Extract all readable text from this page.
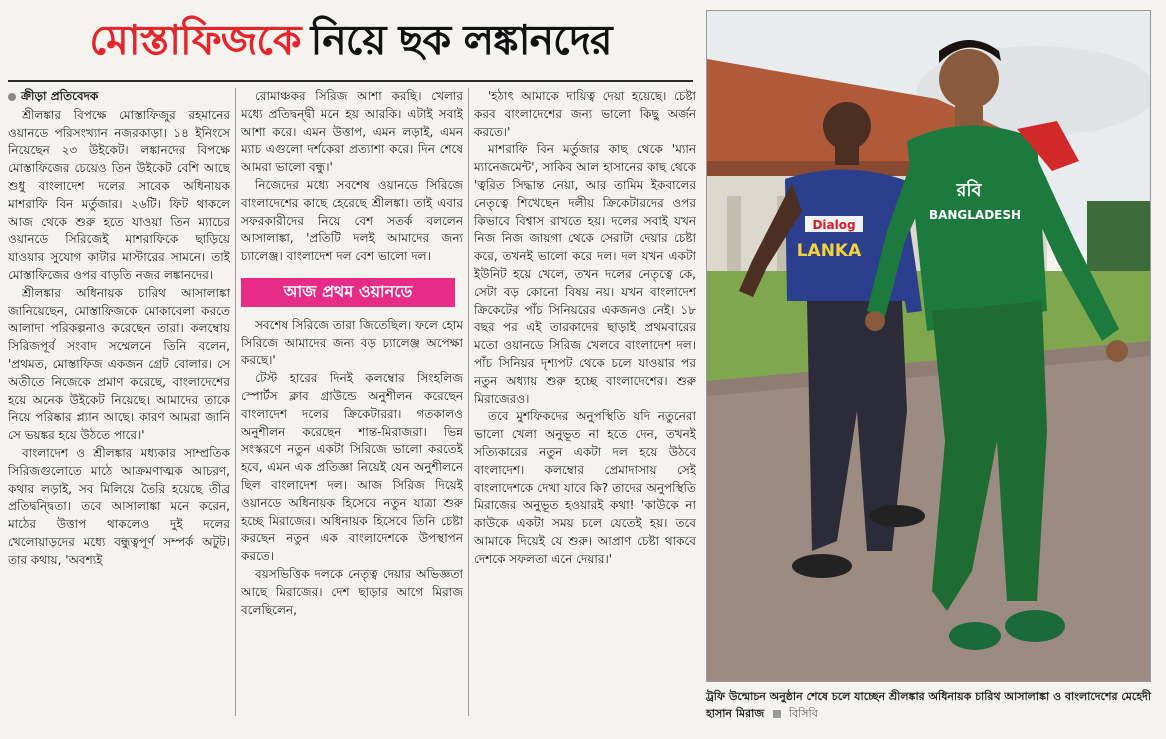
মোস্তাফিজকে নিয়ে ছক লঙ্কানদের
ক্রীড়া প্রতিবেদক

শ্রীলঙ্কার বিপক্ষে মোস্তাফিজুর রহমানের ওয়ানডে পরিসংখ্যান নজরকাড়া। ১৪ ইনিংসে নিয়েছেন ২৩ উইকেট। লঙ্কানদের বিপক্ষে মোস্তাফিজের চেয়েও তিন উইকেট বেশি আছে শুধু বাংলাদেশ দলের সাবেক অধিনায়ক মাশরাফি বিন মর্তুজার। ২৬টি। ফিট থাকলে আজ থেকে শুরু হতে যাওয়া তিন ম্যাচের ওয়ানডে সিরিজেই মাশরাফিকে ছাড়িয়ে যাওয়ার সুযোগ কাটার মাস্টারের সামনে। তাই মোস্তাফিজের ওপর বাড়তি নজর লঙ্কানদের।

শ্রীলঙ্কার অধিনায়ক চারিথ আসালাঙ্কা জানিয়েছেন, মোস্তাফিজকে মোকাবেলা করতে আলাদা পরিকল্পনাও করেছেন তারা। কলম্বোয় সিরিজপূর্ব সংবাদ সম্মেলনে তিনি বলেন, 'প্রথমত, মোস্তাফিজ একজন গ্রেট বোলার। সে অতীতে নিজেকে প্রমাণ করেছে, বাংলাদেশের হয়ে অনেক উইকেট নিয়েছে। আমাদের তাকে নিয়ে পরিষ্কার প্ল্যান আছে। কারণ আমরা জানি সে ভয়ঙ্কর হয়ে উঠতে পারে।'

বাংলাদেশ ও শ্রীলঙ্কার মধ্যকার সাম্প্রতিক সিরিজগুলোতে মাঠে আক্রমণাত্মক আচরণ, কথার লড়াই, সব মিলিয়ে তৈরি হয়েছে তীব্র প্রতিদ্বন্দ্বিতা। তবে আসালাঙ্কা মনে করেন, মাঠের উত্তাপ থাকলেও দুই দলের খেলোয়াড়দের মধ্যে বন্ধুত্বপূর্ণ সম্পর্ক অটুট। তার কথায়, 'অবশ্যই

রোমাঞ্চকর সিরিজ আশা করছি। খেলার মধ্যে প্রতিদ্বন্দ্বী মনে হয় আরকি। এটাই সবাই আশা করে। এমন উত্তাপ, এমন লড়াই, এমন ম্যাচ এগুলো দর্শকেরা প্রত্যাশা করে। দিন শেষে আমরা ভালো বন্ধু।'

নিজেদের মধ্যে সবশেষ ওয়ানডে সিরিজে বাংলাদেশের কাছে হেরেছে শ্রীলঙ্কা। তাই এবার সফরকারীদের নিয়ে বেশ সতর্ক বললেন আসালাঙ্কা, 'প্রতিটি দলই আমাদের জন্য চ্যালেঞ্জ। বাংলাদেশ দল বেশ ভালো দল।

আজ প্রথম ওয়ানডে

সবশেষ সিরিজে তারা জিতেছিল। ফলে হোম সিরিজে আমাদের জন্য বড় চ্যালেঞ্জ অপেক্ষা করছে।'

টেস্ট হারের দিনই কলম্বোর সিংহলিজ স্পোর্টস ক্লাব গ্রাউন্ডে অনুশীলন করেছেন বাংলাদেশ দলের ক্রিকেটাররা। গতকালও অনুশীলন করেছেন শান্ত-মিরাজরা। ভিন্ন সংস্করণে নতুন একটা সিরিজে ভালো করতেই হবে, এমন এক প্রতিজ্ঞা নিয়েই যেন অনুশীলনে ছিল বাংলাদেশ দল। আজ সিরিজ দিয়েই ওয়ানডে অধিনায়ক হিসেবে নতুন যাত্রা শুরু হচ্ছে মিরাজের। অধিনায়ক হিসেবে তিনি চেষ্টা করছেন নতুন এক বাংলাদেশকে উপস্থাপন করতে।

বয়সভিত্তিক দলকে নেতৃত্ব দেয়ার অভিজ্ঞতা আছে মিরাজের। দেশ ছাড়ার আগে মিরাজ বলেছিলেন,

'হঠাৎ আমাকে দায়িত্ব দেয়া হয়েছে। চেষ্টা করব বাংলাদেশের জন্য ভালো কিছু অর্জন করতে।'

মাশরাফি বিন মর্তুজার কাছ থেকে 'ম্যান ম্যানেজমেন্ট', সাকিব আল হাসানের কাছ থেকে 'ত্বরিত সিদ্ধান্ত নেয়া, আর তামিম ইকবালের নেতৃত্বে শিখেছেন দলীয় ক্রিকেটারদের ওপর কিভাবে বিশ্বাস রাখতে হয়। দলের সবাই যখন নিজ নিজ জায়গা থেকে সেরাটা দেয়ার চেষ্টা করে, তখনই ভালো করে দল। দল যখন একটা ইউনিট হয়ে খেলে, তখন দলের নেতৃত্বে কে, সেটা বড় কোনো বিষয় নয়। যখন বাংলাদেশ ক্রিকেটের পাঁচ সিনিয়রের একজনও নেই। ১৮ বছর পর এই তারকাদের ছাড়াই প্রথমবারের মতো ওয়ানডে সিরিজ খেলবে বাংলাদেশ দল। পাঁচ সিনিয়র দৃশ্যপট থেকে চলে যাওয়ার পর নতুন অধ্যায় শুরু হচ্ছে বাংলাদেশের। শুরু মিরাজেরও।

তবে মুশফিকদের অনুপস্থিতি যদি নতুনেরা ভালো খেলা অনুভূত না হতে দেন, তখনই সত্যিকারের নতুন একটা দল হয়ে উঠবে বাংলাদেশ। কলম্বোর প্রেমাদাসায় সেই বাংলাদেশকে দেখা যাবে কি? তাদের অনুপস্থিতি মিরাজের অনুভূত হওয়ারই কথা! 'কাউকে না কাউকে একটা সময় চলে যেতেই হয়। তবে আমাকে দিয়েই যে শুরু। আপ্রাণ চেষ্টা থাকবে দেশকে সফলতা এনে দেয়ার।'

Dialog
LANKA
রবি
BANGLADESH
ট্রফি উন্মোচন অনুষ্ঠান শেষে চলে যাচ্ছেন শ্রীলঙ্কার অধিনায়ক চারিথ আসালাঙ্কা ও বাংলাদেশের মেহেদী হাসান মিরাজ বিসিবি
